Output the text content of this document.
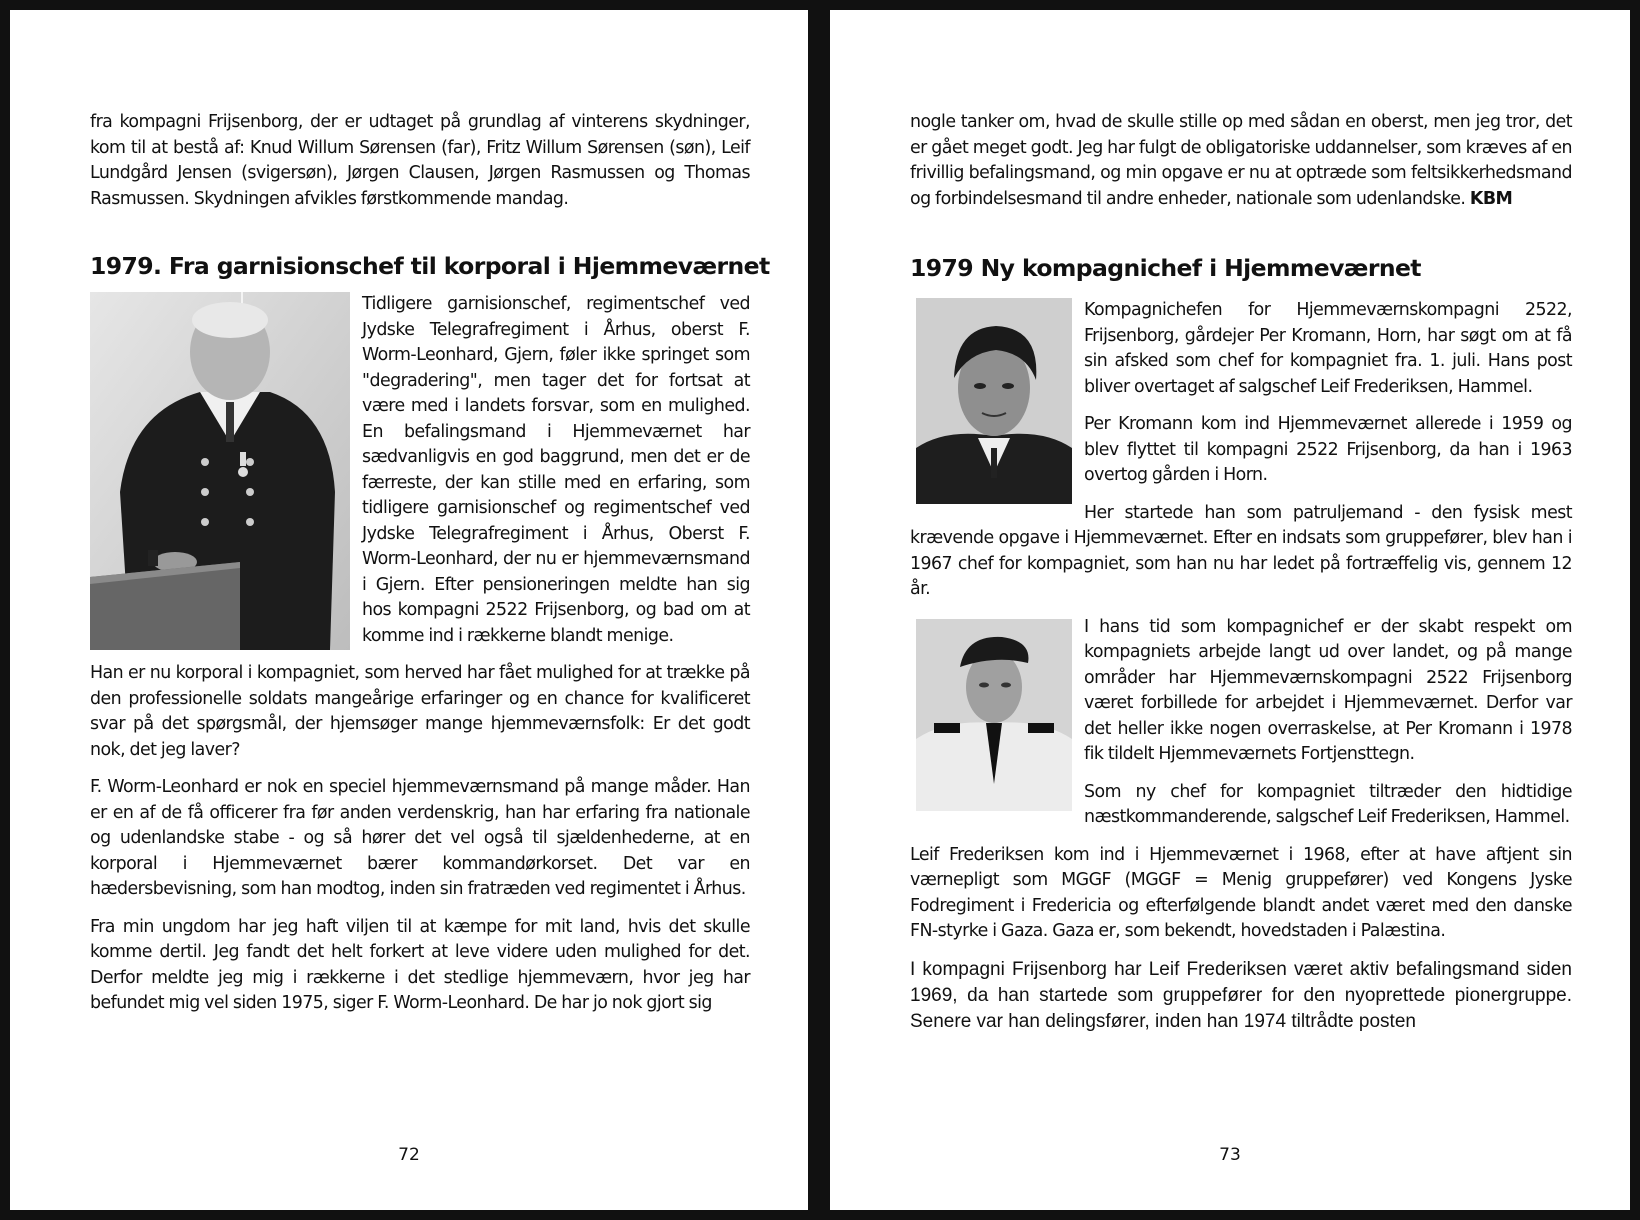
fra kompagni Frijsenborg, der er udtaget på grundlag af vinterens skydninger, kom til at bestå af: Knud Willum Sørensen (far), Fritz Willum Sørensen (søn), Leif Lundgård Jensen (svigersøn), Jørgen Clausen, Jørgen Rasmussen og Thomas Rasmussen. Skydningen afvikles førstkommende mandag.

1979. Fra garnisionschef til korporal i Hjemmeværnet

Tidligere garnisionschef, regimentschef ved Jydske Telegrafregiment i Århus, oberst F. Worm-Leonhard, Gjern, føler ikke springet som "degradering", men tager det for fortsat at være med i landets forsvar, som en mulighed. En befalingsmand i Hjemmeværnet har sædvanligvis en god baggrund, men det er de færreste, der kan stille med en erfaring, som tidligere garnisionschef og regimentschef ved Jydske Telegrafregiment i Århus, Oberst F. Worm-Leonhard, der nu er hjemmeværnsmand i Gjern. Efter pensioneringen meldte han sig hos kompagni 2522 Frijsenborg, og bad om at komme ind i rækkerne blandt menige.

Han er nu korporal i kompagniet, som herved har fået mulighed for at trække på den professionelle soldats mangeårige erfaringer og en chance for kvalificeret svar på det spørgsmål, der hjemsøger mange hjemmeværnsfolk: Er det godt nok, det jeg laver?

F. Worm-Leonhard er nok en speciel hjemmeværnsmand på mange måder. Han er en af de få officerer fra før anden verdenskrig, han har erfaring fra nationale og udenlandske stabe - og så hører det vel også til sjældenhederne, at en korporal i Hjemmeværnet bærer kommandørkorset. Det var en hædersbevisning, som han modtog, inden sin fratræden ved regimentet i Århus.

Fra min ungdom har jeg haft viljen til at kæmpe for mit land, hvis det skulle komme dertil. Jeg fandt det helt forkert at leve videre uden mulighed for det. Derfor meldte jeg mig i rækkerne i det stedlige hjemmeværn, hvor jeg har befundet mig vel siden 1975, siger F. Worm-Leonhard. De har jo nok gjort sig

72

nogle tanker om, hvad de skulle stille op med sådan en oberst, men jeg tror, det er gået meget godt. Jeg har fulgt de obligatoriske uddannelser, som kræves af en frivillig befalingsmand, og min opgave er nu at optræde som feltsikkerhedsmand og forbindelsesmand til andre enheder, nationale som udenlandske. KBM

1979 Ny kompagnichef i Hjemmeværnet

Kompagnichefen for Hjemmeværnskompagni 2522, Frijsenborg, gårdejer Per Kromann, Horn, har søgt om at få sin afsked som chef for kompagniet fra. 1. juli. Hans post bliver overtaget af salgschef Leif Frederiksen, Hammel.

Per Kromann kom ind Hjemmeværnet allerede i 1959 og blev flyttet til kompagni 2522 Frijsenborg, da han i 1963 overtog gården i Horn.

Her startede han som patruljemand - den fysisk mest krævende opgave i Hjemmeværnet. Efter en indsats som gruppefører, blev han i 1967 chef for kompagniet, som han nu har ledet på fortræffelig vis, gennem 12 år.

I hans tid som kompagnichef er der skabt respekt om kompagniets arbejde langt ud over landet, og på mange områder har Hjemmeværnskompagni 2522 Frijsenborg været forbillede for arbejdet i Hjemmeværnet. Derfor var det heller ikke nogen overraskelse, at Per Kromann i 1978 fik tildelt Hjemmeværnets Fortjensttegn.

Som ny chef for kompagniet tiltræder den hidtidige næstkommanderende, salgschef Leif Frederiksen, Hammel.

Leif Frederiksen kom ind i Hjemmeværnet i 1968, efter at have aftjent sin værnepligt som MGGF (MGGF = Menig gruppefører) ved Kongens Jyske Fodregiment i Fredericia og efterfølgende blandt andet været med den danske FN-styrke i Gaza. Gaza er, som bekendt, hovedstaden i Palæstina.

I kompagni Frijsenborg har Leif Frederiksen været aktiv befalingsmand siden 1969, da han startede som gruppefører for den nyoprettede pionergruppe. Senere var han delingsfører, inden han 1974 tiltrådte posten

73
